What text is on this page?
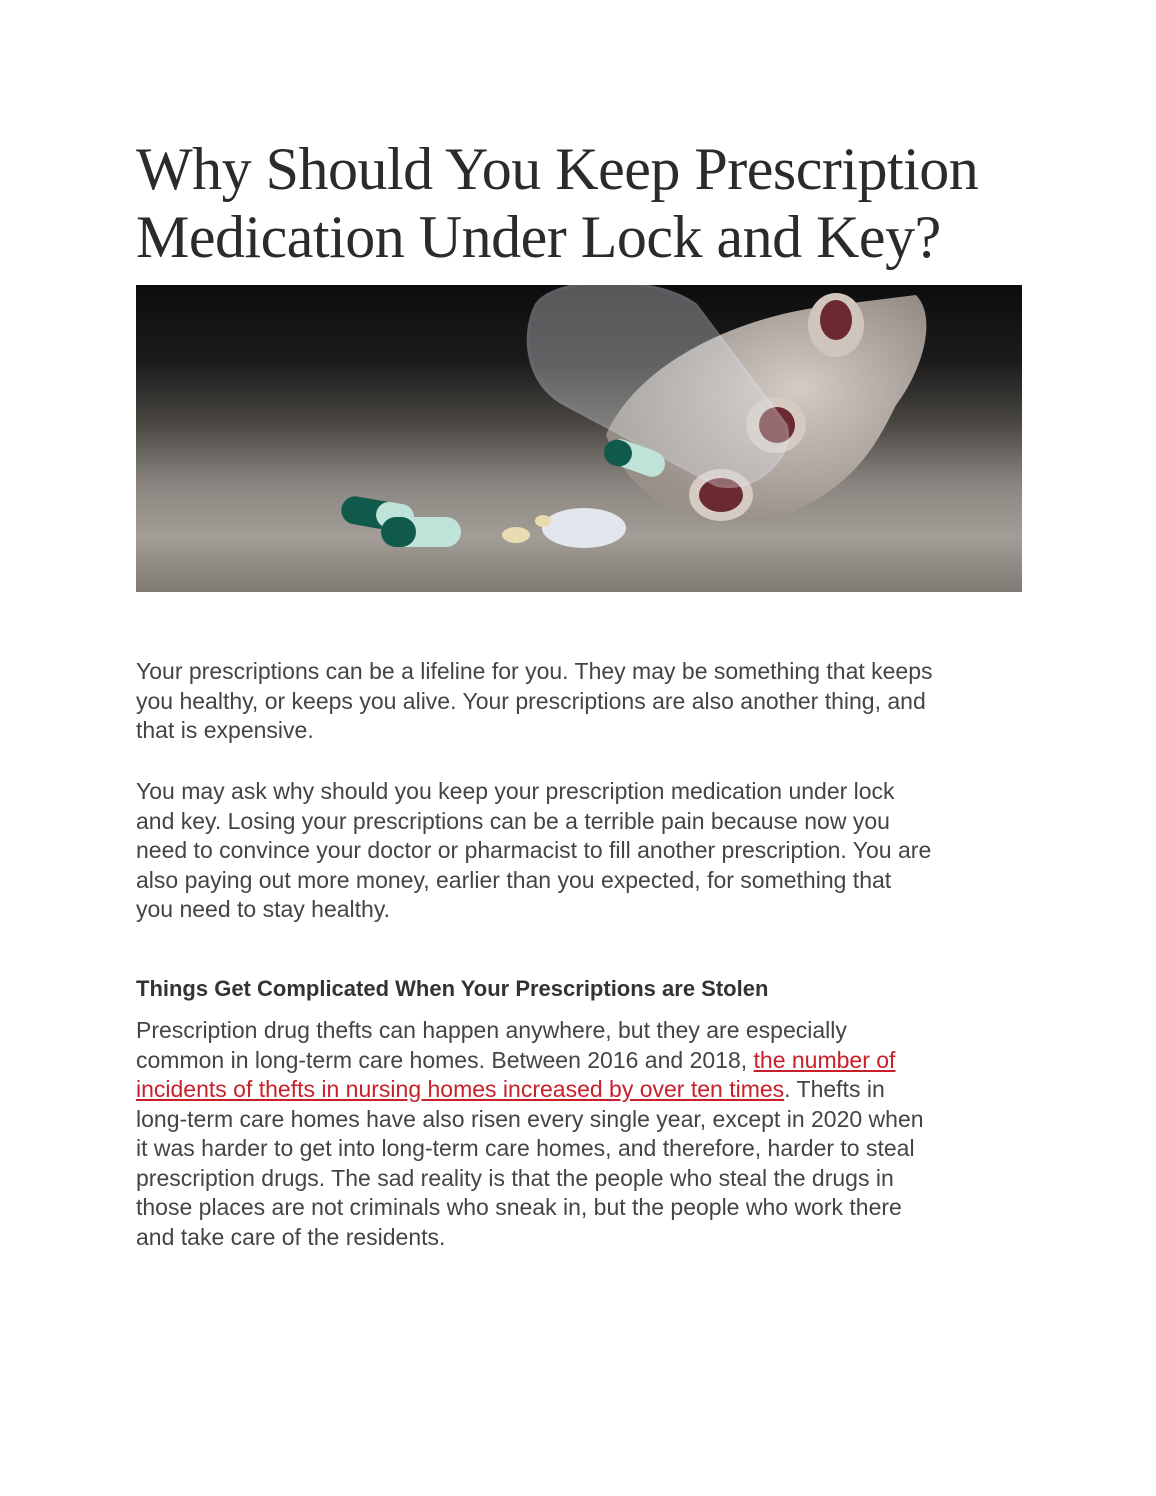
Why Should You Keep Prescription
Medication Under Lock and Key?

Your prescriptions can be a lifeline for you. They may be something that keeps
you healthy, or keeps you alive. Your prescriptions are also another thing, and
that is expensive.

You may ask why should you keep your prescription medication under lock
and key. Losing your prescriptions can be a terrible pain because now you
need to convince your doctor or pharmacist to fill another prescription. You are
also paying out more money, earlier than you expected, for something that
you need to stay healthy.

Things Get Complicated When Your Prescriptions are Stolen

Prescription drug thefts can happen anywhere, but they are especially
common in long-term care homes. Between 2016 and 2018, the number of
incidents of thefts in nursing homes increased by over ten times. Thefts in
long-term care homes have also risen every single year, except in 2020 when
it was harder to get into long-term care homes, and therefore, harder to steal
prescription drugs. The sad reality is that the people who steal the drugs in
those places are not criminals who sneak in, but the people who work there
and take care of the residents.
